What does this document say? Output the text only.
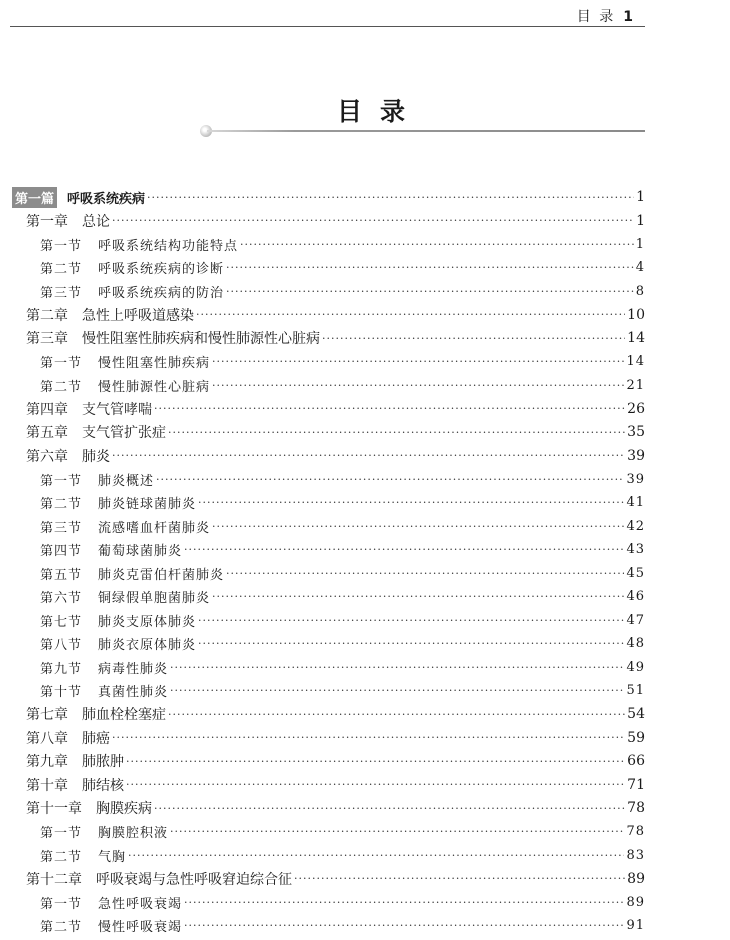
目 录 1
目录
第一篇 呼吸系统疾病 ·····	1
第一章 总论 ·····	1
第一节 呼吸系统结构功能特点 ·····	1
第二节 呼吸系统疾病的诊断 ·····	4
第三节 呼吸系统疾病的防治 ·····	8
第二章 急性上呼吸道感染 ·····	10
第三章 慢性阻塞性肺疾病和慢性肺源性心脏病 ·····	14
第一节 慢性阻塞性肺疾病 ·····	14
第二节 慢性肺源性心脏病 ·····	21
第四章 支气管哮喘 ·····	26
第五章 支气管扩张症 ·····	35
第六章 肺炎 ·····	39
第一节 肺炎概述 ·····	39
第二节 肺炎链球菌肺炎 ·····	41
第三节 流感嗜血杆菌肺炎 ·····	42
第四节 葡萄球菌肺炎 ·····	43
第五节 肺炎克雷伯杆菌肺炎 ·····	45
第六节 铜绿假单胞菌肺炎 ·····	46
第七节 肺炎支原体肺炎 ·····	47
第八节 肺炎衣原体肺炎 ·····	48
第九节 病毒性肺炎 ·····	49
第十节 真菌性肺炎 ·····	51
第七章 肺血栓栓塞症 ·····	54
第八章 肺癌 ·····	59
第九章 肺脓肿 ·····	66
第十章 肺结核 ·····	71
第十一章 胸膜疾病 ·····	78
第一节 胸膜腔积液 ·····	78
第二节 气胸 ·····	83
第十二章 呼吸衰竭与急性呼吸窘迫综合征 ·····	89
第一节 急性呼吸衰竭 ·····	89
第二节 慢性呼吸衰竭 ·····	91
